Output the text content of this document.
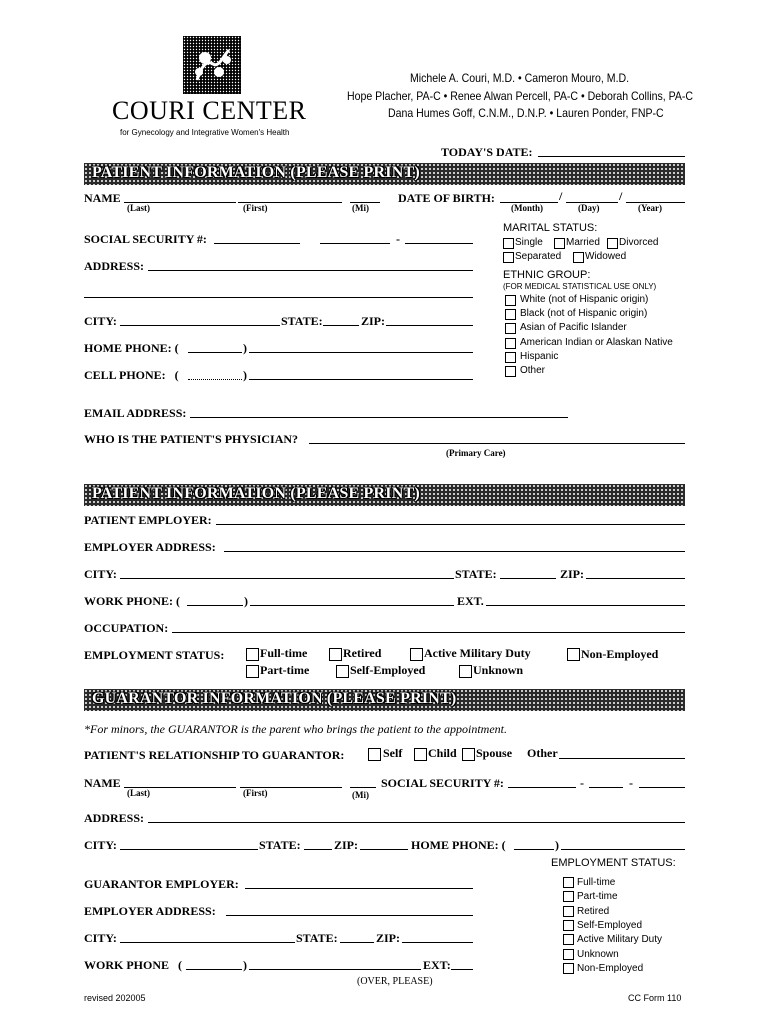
COURI CENTER
for Gynecology and Integrative Women's Health
Michele A. Couri, M.D. • Cameron Mouro, M.D.
Hope Placher, PA-C • Renee Alwan Percell, PA-C • Deborah Collins, PA-C
Dana Humes Goff, C.N.M., D.N.P. • Lauren Ponder, FNP-C
TODAY'S DATE:
PATIENT INFORMATION (PLEASE PRINT)
NAME
(Last)	(First)	(Mi)
DATE OF BIRTH:	/	/
(Month)	(Day)	(Year)
SOCIAL SECURITY #:	-
ADDRESS:
CITY:	STATE:	ZIP:
HOME PHONE: (	)
CELL PHONE:   (	)
MARITAL STATUS:
Single Married Divorced
Separated Widowed
ETHNIC GROUP:
(FOR MEDICAL STATISTICAL USE ONLY)
White (not of Hispanic origin)
Black (not of Hispanic origin)
Asian of Pacific Islander
American Indian or Alaskan Native
Hispanic
Other
EMAIL ADDRESS:
WHO IS THE PATIENT'S PHYSICIAN?
(Primary Care)
PATIENT INFORMATION (PLEASE PRINT)
PATIENT EMPLOYER:
EMPLOYER ADDRESS:
CITY:	STATE:	ZIP:
WORK PHONE: (	)	EXT.
OCCUPATION:
EMPLOYMENT STATUS:	Full-time
Part-time
Retired
Self-Employed
Active Military Duty
Unknown
Non-Employed
GUARANTOR INFORMATION (PLEASE PRINT)
*For minors, the GUARANTOR is the parent who brings the patient to the appointment.
PATIENT'S RELATIONSHIP TO GUARANTOR:	Self Child Spouse Other
NAME
(Last)	(First)	(Mi)
SOCIAL SECURITY #:	-	-
ADDRESS:
CITY:	STATE:	ZIP:	HOME PHONE: (	)
EMPLOYMENT STATUS:
Full-time
Part-time
Retired
Self-Employed
Active Military Duty
Unknown
Non-Employed
GUARANTOR EMPLOYER:
EMPLOYER ADDRESS:
CITY:	STATE:	ZIP:
WORK PHONE   (	)	EXT:
(OVER, PLEASE)
revised 202005	CC Form 110
